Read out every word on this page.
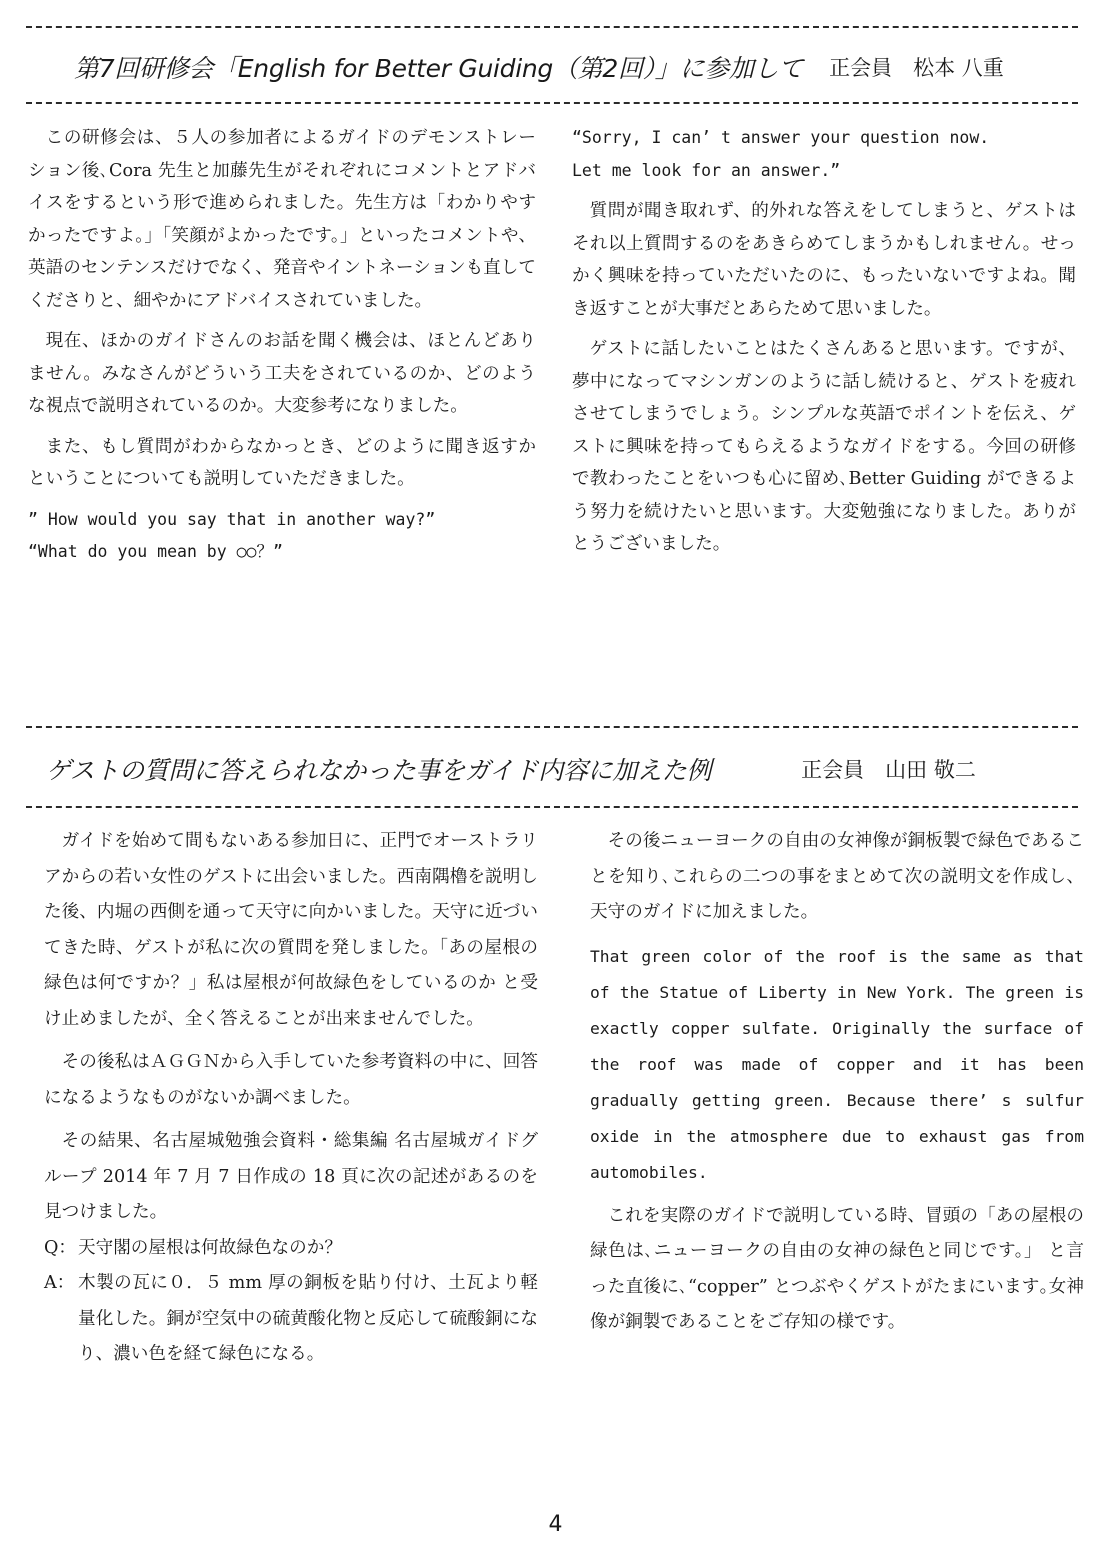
第7回研修会「English for Better Guiding（第2回）」に参加して 正会員　松本 八重

この研修会は、５人の参加者によるガイドのデモンストレーション後､Cora 先生と加藤先生がそれぞれにコメントとアドバイスをするという形で進められました。先生方は「わかりやすかったですよ。」「笑顔がよかったです。」といったコメントや、英語のセンテンスだけでなく、発音やイントネーションも直してくださりと、細やかにアドバイスされていました。

現在、ほかのガイドさんのお話を聞く機会は、ほとんどありません。みなさんがどういう工夫をされているのか、どのような視点で説明されているのか。大変参考になりました。

また、もし質問がわからなかっとき、どのように聞き返すかということについても説明していただきました。

” How would you say that in another way?”
“What do you mean by ○○？”

“Sorry, I can’ t answer your question now.
Let me look for an answer.”

質問が聞き取れず、的外れな答えをしてしまうと、ゲストはそれ以上質問するのをあきらめてしまうかもしれません。せっかく興味を持っていただいたのに、もったいないですよね。聞き返すことが大事だとあらためて思いました。

ゲストに話したいことはたくさんあると思います。ですが、夢中になってマシンガンのように話し続けると、ゲストを疲れさせてしまうでしょう。シンプルな英語でポイントを伝え、ゲストに興味を持ってもらえるようなガイドをする。今回の研修で教わったことをいつも心に留め､Better Guiding ができるよう努力を続けたいと思います。大変勉強になりました。ありがとうございました。

ゲストの質問に答えられなかった事をガイド内容に加えた例	正会員　山田 敬二

ガイドを始めて間もないある参加日に、正門でオーストラリアからの若い女性のゲストに出会いました。西南隅櫓を説明した後、内堀の西側を通って天守に向かいました。天守に近づいてきた時、ゲストが私に次の質問を発しました。「あの屋根の緑色は何ですか？」私は屋根が何故緑色をしているのか と受け止めましたが、全く答えることが出来ませんでした。

その後私はＡＧＧＮから入手していた参考資料の中に、回答になるようなものがないか調べました。

その結果、名古屋城勉強会資料・総集編 名古屋城ガイドグループ 2014 年 7 月 7 日作成の 18 頁に次の記述があるのを見つけました。

Q： 天守閣の屋根は何故緑色なのか？
A： 木製の瓦に０．５ mm 厚の銅板を貼り付け、土瓦より軽量化した。銅が空気中の硫黄酸化物と反応して硫酸銅になり、濃い色を経て緑色になる。

その後ニューヨークの自由の女神像が銅板製で緑色であることを知り､これらの二つの事をまとめて次の説明文を作成し、天守のガイドに加えました。

That green color of the roof is the same as that of the Statue of Liberty in New York. The green is exactly copper sulfate. Originally the surface of the roof was made of copper and it has been gradually getting green. Because there’ s sulfur oxide in the atmosphere due to exhaust gas from automobiles.

これを実際のガイドで説明している時、冒頭の「あの屋根の緑色は､ニューヨークの自由の女神の緑色と同じです。」 と言った直後に､“copper” とつぶやくゲストがたまにいます｡女神像が銅製であることをご存知の様です。

4
